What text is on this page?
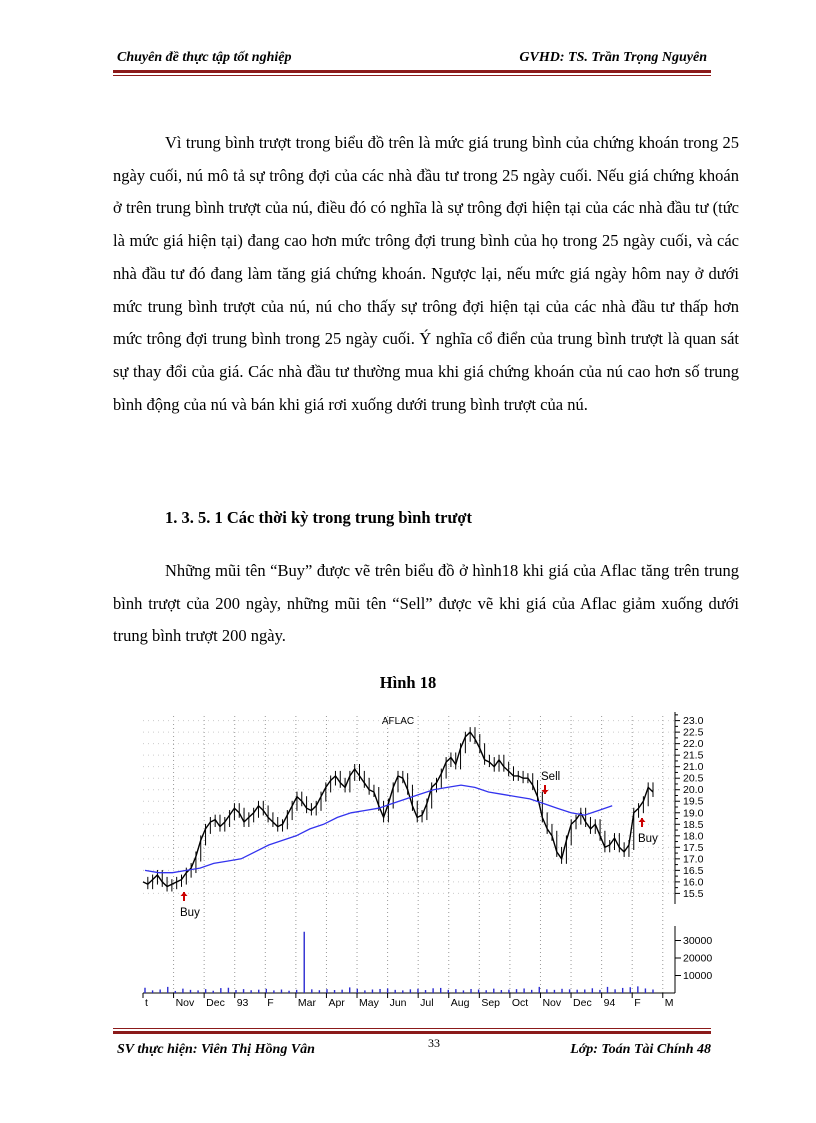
Chuyên đề thực tập tốt nghiệp	GVHD: TS. Trần Trọng Nguyên
Vì trung bình trượt trong biểu đồ trên là mức giá trung bình của chứng khoán trong 25 ngày cuối, nú mô tả sự trông đợi của các nhà đầu tư trong 25 ngày cuối. Nếu giá chứng khoán ở trên trung bình trượt của nú, điều đó có nghĩa là sự trông đợi hiện tại của các nhà đầu tư (tức là mức giá hiện tại) đang cao hơn mức trông đợi trung bình của họ trong 25 ngày cuối, và các nhà đầu tư đó đang làm tăng giá chứng khoán. Ngược lại, nếu mức giá ngày hôm nay ở dưới mức trung bình trượt của nú, nú cho thấy sự trông đợi hiện tại của các nhà đầu tư thấp hơn mức trông đợi trung bình trong 25 ngày cuối. Ý nghĩa cổ điển của trung bình trượt là quan sát sự thay đổi của giá. Các nhà đầu tư thường mua khi giá chứng khoán của nú cao hơn số trung bình động của nú và bán khi giá rơi xuống dưới trung bình trượt của nú.
1. 3. 5. 1 Các thời kỳ trong trung bình trượt
Những mũi tên “Buy” được vẽ trên biểu đồ ở hình18 khi giá của Aflac tăng trên trung bình trượt của 200 ngày, những mũi tên “Sell” được vẽ khi giá của Aflac giảm xuống dưới trung bình trượt 200 ngày.
Hình 18
AFLAC
t	Nov Dec 93 F Mar Apr May Jun Jul Aug Sep Oct Nov Dec 94 F M
23.0
22.5
22.0
21.5
21.0
20.5
20.0
19.5
19.0
18.5
18.0
17.5
17.0
16.5
16.0
15.5
30000
20000
10000
Buy
Sell
Buy
SV thực hiện: Viên Thị Hồng Vân	33	Lớp: Toán Tài Chính 48
